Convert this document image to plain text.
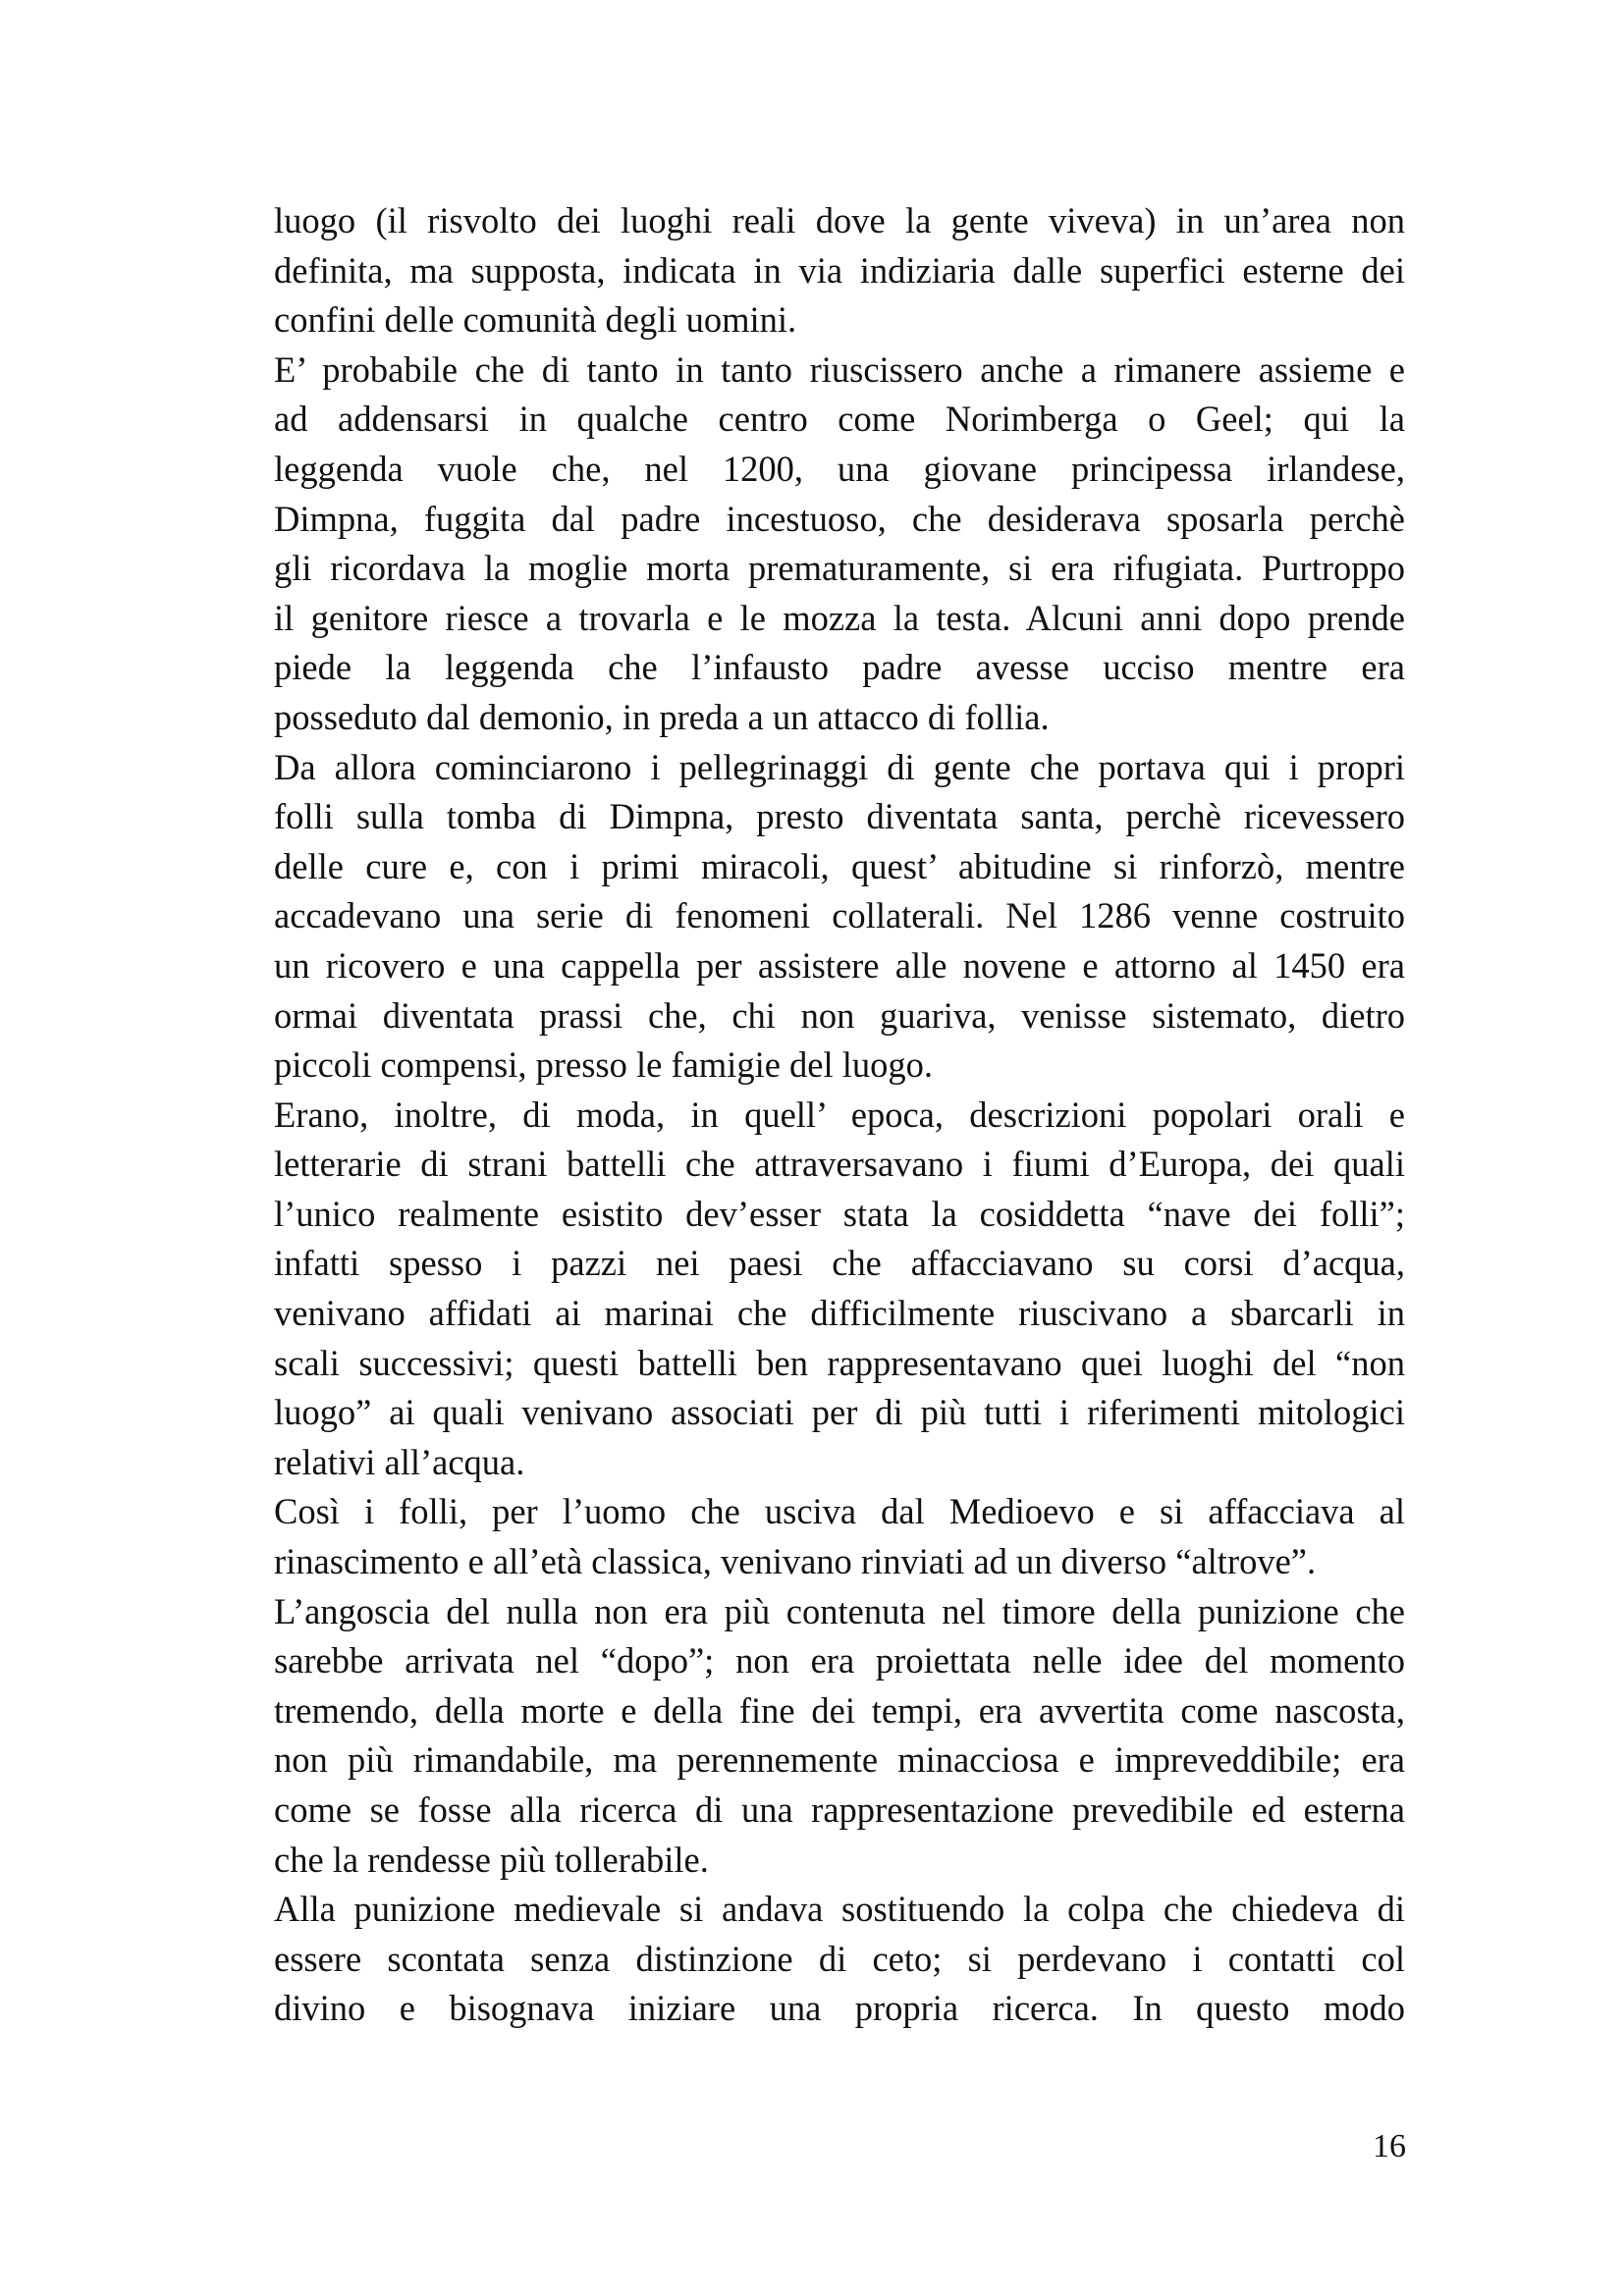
luogo (il risvolto dei luoghi reali dove la gente viveva) in un’area non
definita, ma supposta, indicata in via indiziaria dalle superfici esterne dei
confini delle comunità degli uomini.
E’ probabile che di tanto in tanto riuscissero anche a rimanere assieme e
ad addensarsi in qualche centro come Norimberga o Geel; qui la
leggenda vuole che, nel 1200, una giovane principessa irlandese,
Dimpna, fuggita dal padre incestuoso, che desiderava sposarla perchè
gli ricordava la moglie morta prematuramente, si era rifugiata. Purtroppo
il genitore riesce a trovarla e le mozza la testa. Alcuni anni dopo prende
piede la leggenda che l’infausto padre avesse ucciso mentre era
posseduto dal demonio, in preda a un attacco di follia.
Da allora cominciarono i pellegrinaggi di gente che portava qui i propri
folli sulla tomba di Dimpna, presto diventata santa, perchè ricevessero
delle cure e, con i primi miracoli, quest’ abitudine si rinforzò, mentre
accadevano una serie di fenomeni collaterali. Nel 1286 venne costruito
un ricovero e una cappella per assistere alle novene e attorno al 1450 era
ormai diventata prassi che, chi non guariva, venisse sistemato, dietro
piccoli compensi, presso le famigie del luogo.
Erano, inoltre, di moda, in quell’ epoca, descrizioni popolari orali e
letterarie di strani battelli che attraversavano i fiumi d’Europa, dei quali
l’unico realmente esistito dev’esser stata la cosiddetta “nave dei folli”;
infatti spesso i pazzi nei paesi che affacciavano su corsi d’acqua,
venivano affidati ai marinai che difficilmente riuscivano a sbarcarli in
scali successivi; questi battelli ben rappresentavano quei luoghi del “non
luogo” ai quali venivano associati per di più tutti i riferimenti mitologici
relativi all’acqua.
Così i folli, per l’uomo che usciva dal Medioevo e si affacciava al
rinascimento e all’età classica, venivano rinviati ad un diverso “altrove”.
L’angoscia del nulla non era più contenuta nel timore della punizione che
sarebbe arrivata nel “dopo”; non era proiettata nelle idee del momento
tremendo, della morte e della fine dei tempi, era avvertita come nascosta,
non più rimandabile, ma perennemente minacciosa e impreveddibile; era
come se fosse alla ricerca di una rappresentazione prevedibile ed esterna
che la rendesse più tollerabile.
Alla punizione medievale si andava sostituendo la colpa che chiedeva di
essere scontata senza distinzione di ceto; si perdevano i contatti col
divino e bisognava iniziare una propria ricerca. In questo modo
16
